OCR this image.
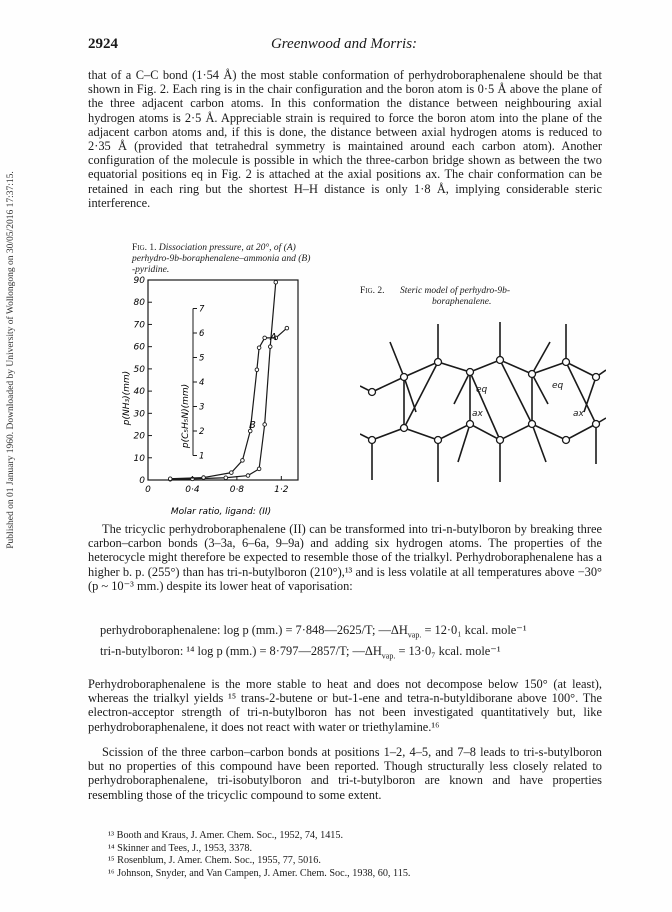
Published on 01 January 1960. Downloaded by University of Wollongong on 30/05/2016 17:37:15.
2924	Greenwood and Morris:

that of a C–C bond (1·54 Å) the most stable conformation of perhydroboraphenalene should be that shown in Fig. 2. Each ring is in the chair configuration and the boron atom is 0·5 Å above the plane of the three adjacent carbon atoms. In this conformation the distance between neighbouring axial hydrogen atoms is 2·5 Å. Appreciable strain is required to force the boron atom into the plane of the adjacent carbon atoms and, if this is done, the distance between axial hydrogen atoms is reduced to 2·35 Å (provided that tetrahedral symmetry is maintained around each carbon atom). Another configuration of the molecule is possible in which the three-carbon bridge shown as between the two equatorial positions eq in Fig. 2 is attached at the axial positions ax. The chair conformation can be retained in each ring but the shortest H–H distance is only 1·8 Å, implying considerable steric interference.

Fig. 1. Dissociation pressure, at 20°, of (A) perhydro-9b-boraphenalene–ammonia and (B) -pyridine.

0
10
20
30
40
50
60
70
80
90
1
2
3
4
5
6
7
0	0·4	0·8	1·2
A
B
p(NH₃)(mm)	p(C₅H₅N)(mm)
Molar ratio, ligand: (II)
Fig. 2. Steric model of perhydro-9b-
boraphenalene.
eq	eq
ax	ax

The tricyclic perhydroboraphenalene (II) can be transformed into tri-n-butylboron by breaking three carbon–carbon bonds (3–3a, 6–6a, 9–9a) and adding six hydrogen atoms. The properties of the heterocycle might therefore be expected to resemble those of the trialkyl. Perhydroboraphenalene has a higher b. p. (255°) than has tri-n-butylboron (210°),¹³ and is less volatile at all temperatures above −30° (p ~ 10⁻³ mm.) despite its lower heat of vaporisation:

perhydroboraphenalene: log p (mm.) = 7·848—2625/T; $—\Delta H_{vap.} = 12\cdot 0_1$ kcal. mole⁻¹
tri-n-butylboron: ¹⁴ log p (mm.) = 8·797—2857/T; $—\Delta H_{vap.} = 13\cdot 0_7$ kcal. mole⁻¹

Perhydroboraphenalene is the more stable to heat and does not decompose below 150° (at least), whereas the trialkyl yields ¹⁵ trans-2-butene or but-1-ene and tetra-n-butyldiborane above 100°. The electron-acceptor strength of tri-n-butylboron has not been investigated quantitatively but, like perhydroboraphenalene, it does not react with water or triethylamine.¹⁶

Scission of the three carbon–carbon bonds at positions 1–2, 4–5, and 7–8 leads to tri-s-butylboron but no properties of this compound have been reported. Though structurally less closely related to perhydroboraphenalene, tri-isobutylboron and tri-t-butylboron are known and have properties resembling those of the tricyclic compound to some extent.

¹³ Booth and Kraus, J. Amer. Chem. Soc., 1952, 74, 1415.
¹⁴ Skinner and Tees, J., 1953, 3378.
¹⁵ Rosenblum, J. Amer. Chem. Soc., 1955, 77, 5016.
¹⁶ Johnson, Snyder, and Van Campen, J. Amer. Chem. Soc., 1938, 60, 115.
